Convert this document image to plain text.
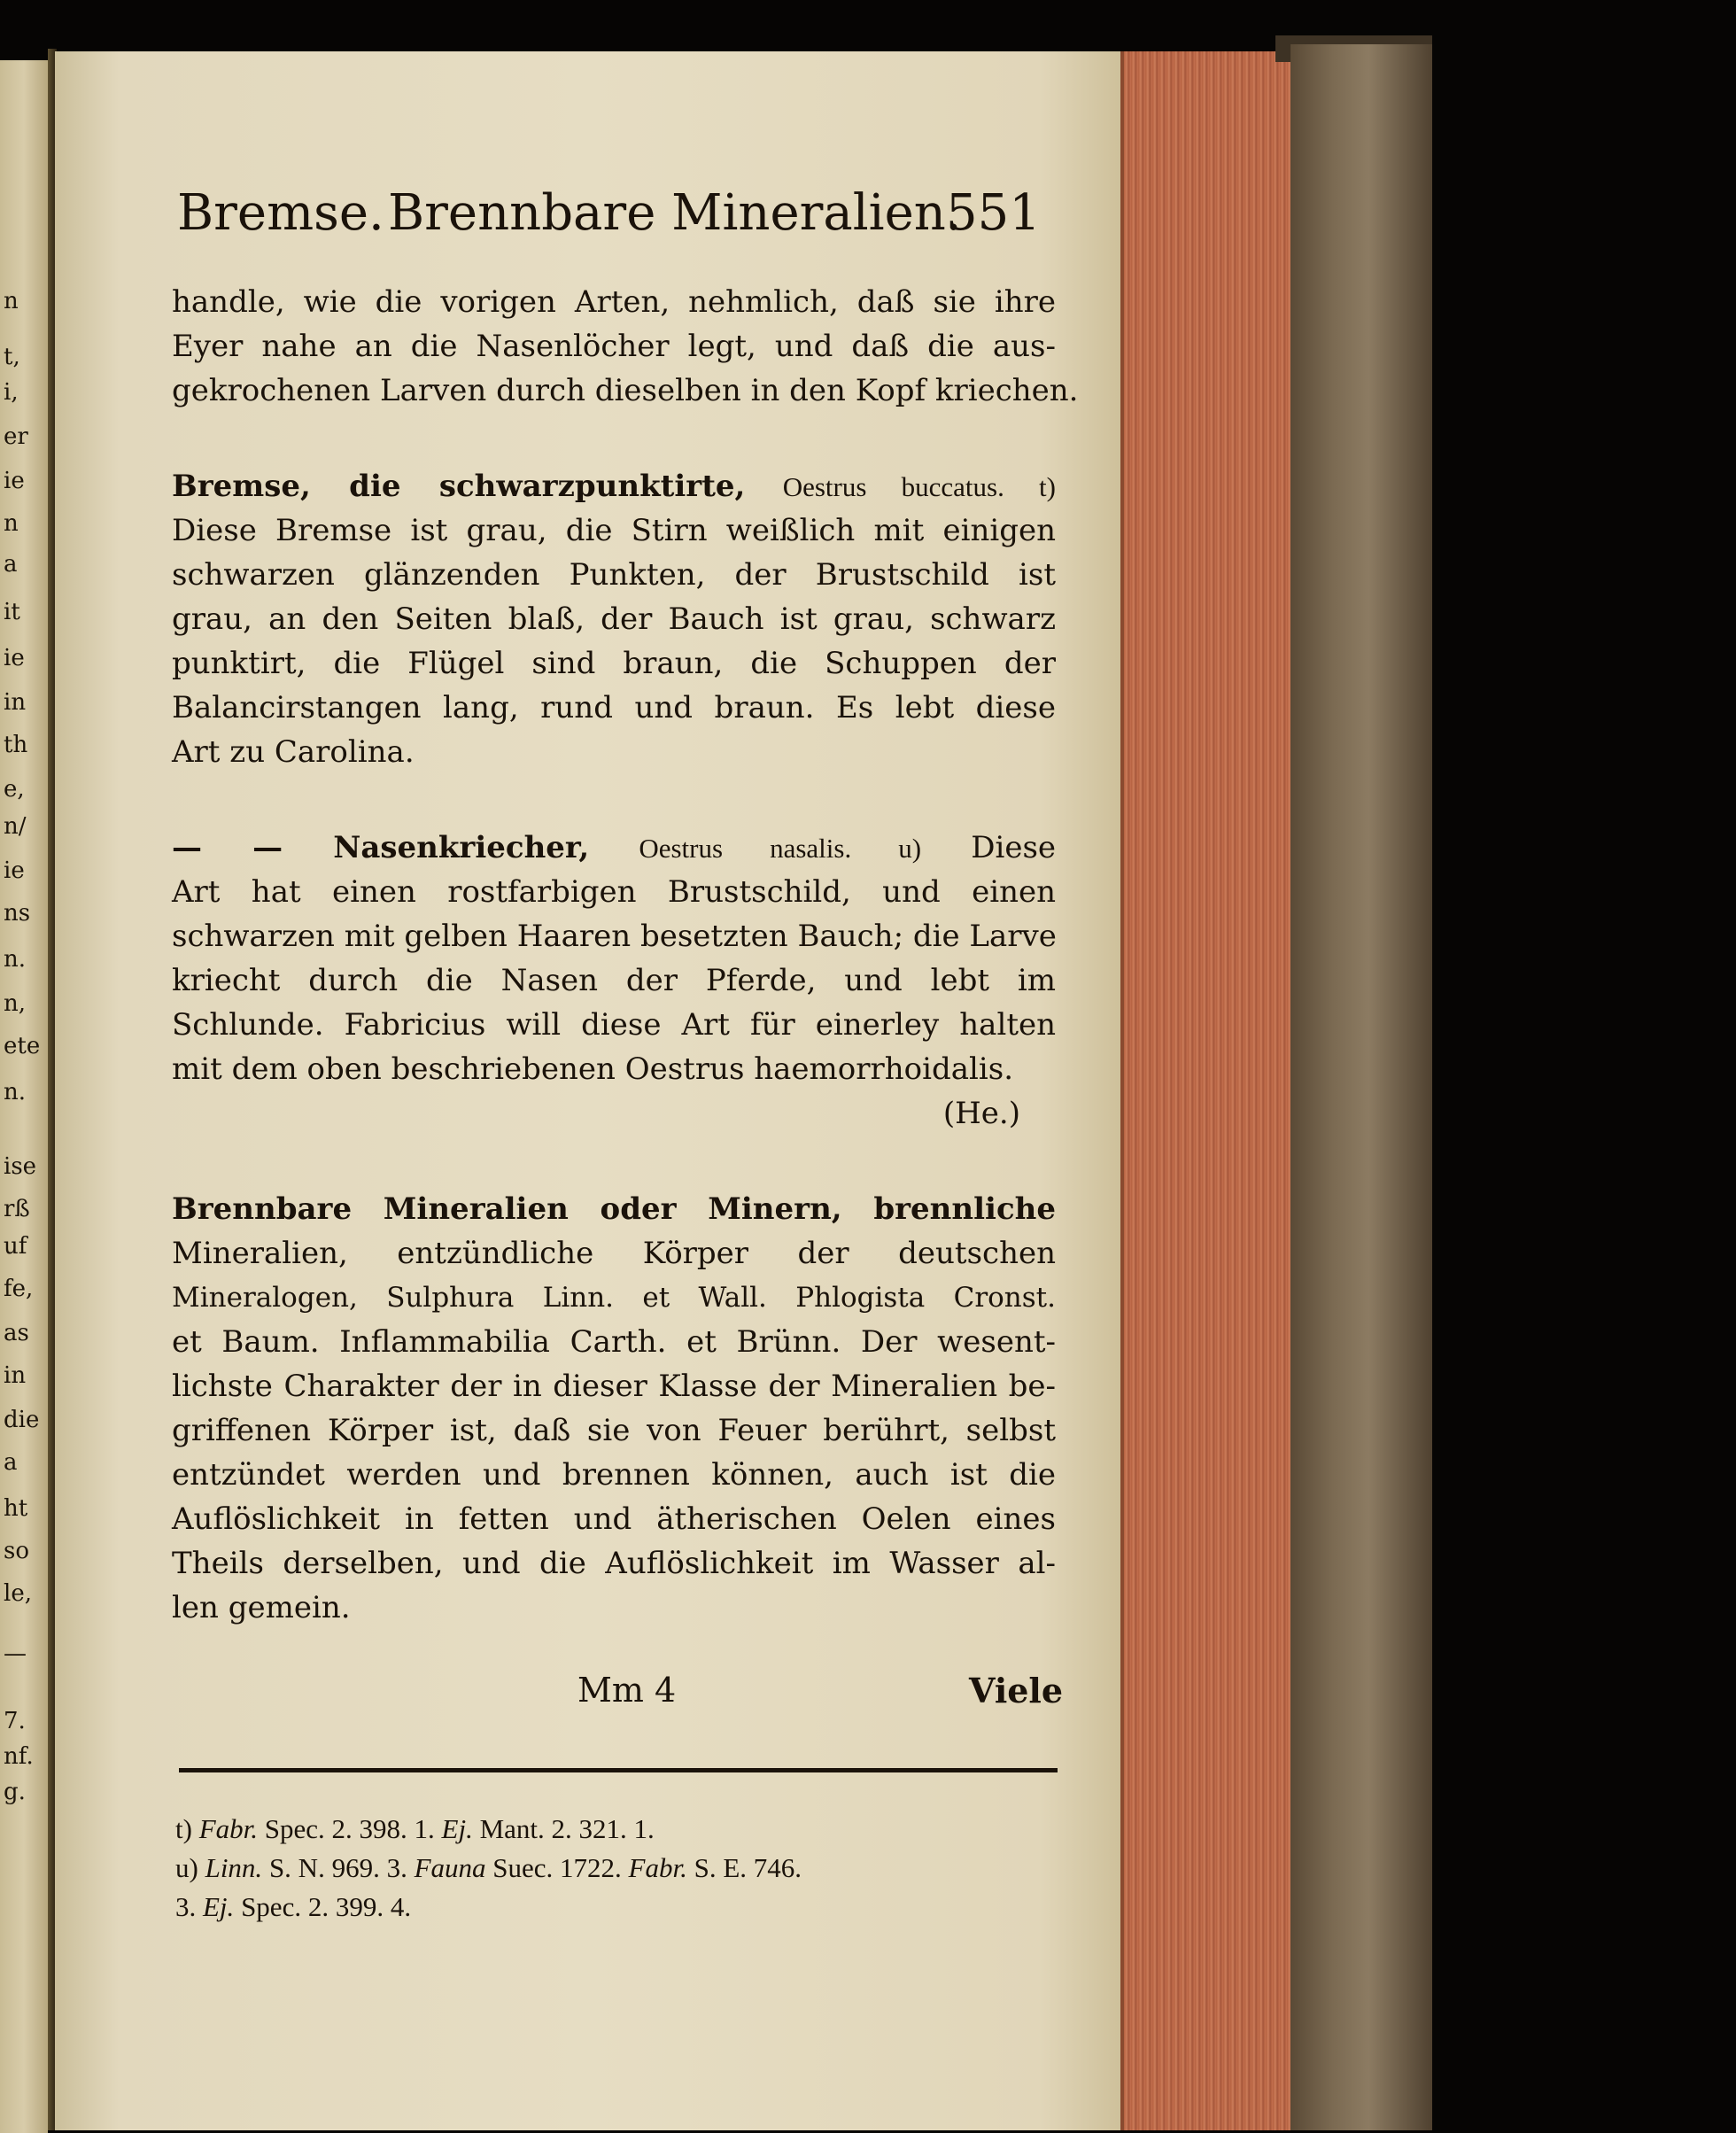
Bremse. Brennbare Mineralien.
551
handle, wie die vorigen Arten, nehmlich, daß sie ihre
Eyer nahe an die Nasenlöcher legt, und daß die aus-
gekrochenen Larven durch dieselben in den Kopf kriechen.
Bremse, die schwarzpunktirte, Oestrus buccatus. t)
Diese Bremse ist grau, die Stirn weißlich mit einigen
schwarzen glänzenden Punkten, der Brustschild ist
grau, an den Seiten blaß, der Bauch ist grau, schwarz
punktirt, die Flügel sind braun, die Schuppen der
Balancirstangen lang, rund und braun. Es lebt diese
Art zu Carolina.
— — Nasenkriecher, Oestrus nasalis. u) Diese
Art hat einen rostfarbigen Brustschild, und einen
schwarzen mit gelben Haaren besetzten Bauch; die Larve
kriecht durch die Nasen der Pferde, und lebt im
Schlunde. Fabricius will diese Art für einerley halten
mit dem oben beschriebenen Oestrus haemorrhoidalis.
(He.)
Brennbare Mineralien oder Minern, brennliche
Mineralien, entzündliche Körper der deutschen
Mineralogen, Sulphura Linn. et Wall. Phlogista Cronst.
et Baum. Inflammabilia Carth. et Brünn. Der wesent-
lichste Charakter der in dieser Klasse der Mineralien be-
griffenen Körper ist, daß sie von Feuer berührt, selbst
entzündet werden und brennen können, auch ist die
Auflöslichkeit in fetten und ätherischen Oelen eines
Theils derselben, und die Auflöslichkeit im Wasser al-
len gemein.
Mm 4	Viele
t) Fabr. Spec. 2. 398. 1. Ej. Mant. 2. 321. 1.
u) Linn. S. N. 969. 3. Fauna Suec. 1722. Fabr. S. E. 746.
3. Ej. Spec. 2. 399. 4.
n
t,
i,
er
ie
n
a
it
ie
in
th
e,
n/
ie
ns
n.
n,
ete
n.
ise
rß
uf
fe,
as
in
die
a
ht
so
le,
—
7.
nf.
g.
